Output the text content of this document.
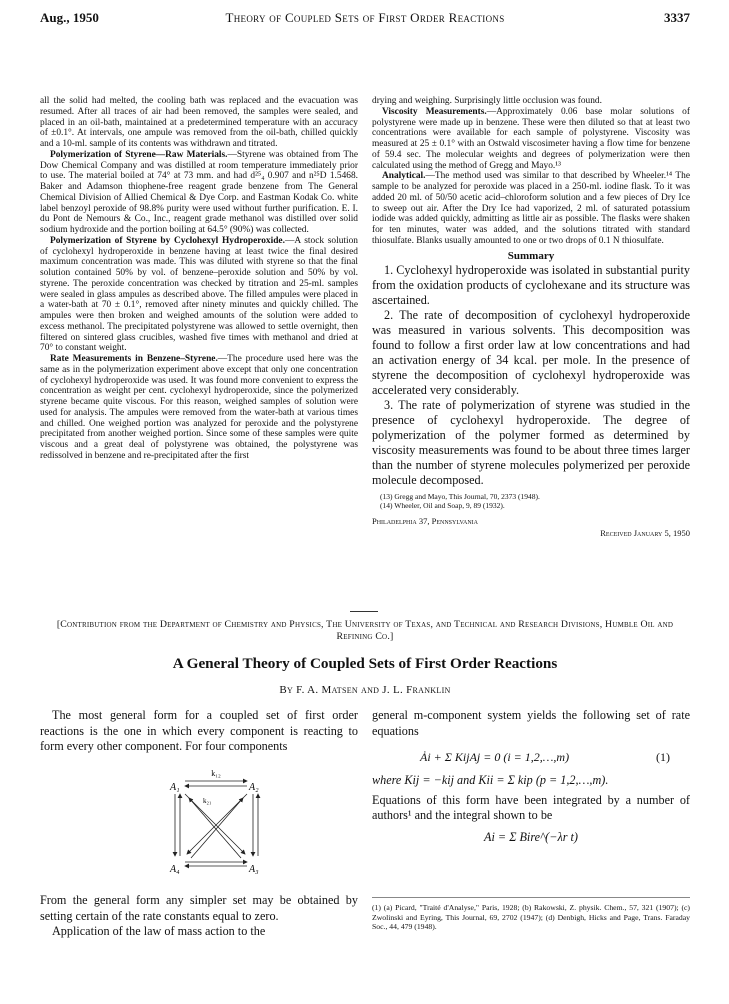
Aug., 1950	Theory of Coupled Sets of First Order Reactions	3337

all the solid had melted, the cooling bath was replaced and the evacuation was resumed. After all traces of air had been removed, the samples were sealed, and placed in an oil-bath, maintained at a predetermined temperature with an accuracy of ±0.1°. At intervals, one ampule was removed from the oil-bath, chilled quickly and a 10-ml. sample of its contents was withdrawn and titrated.

Polymerization of Styrene—Raw Materials.—Styrene was obtained from The Dow Chemical Company and was distilled at room temperature immediately prior to use. The material boiled at 74° at 73 mm. and had d²⁵₄ 0.907 and n²⁵D 1.5468. Baker and Adamson thiophene-free reagent grade benzene from The General Chemical Division of Allied Chemical & Dye Corp. and Eastman Kodak Co. white label benzoyl peroxide of 98.8% purity were used without further purification. E. I. du Pont de Nemours & Co., Inc., reagent grade methanol was distilled over solid sodium hydroxide and the portion boiling at 64.5° (90%) was collected.

Polymerization of Styrene by Cyclohexyl Hydroperoxide.—A stock solution of cyclohexyl hydroperoxide in benzene having at least twice the final desired maximum concentration was made. This was diluted with styrene so that the final solution contained 50% by vol. of benzene–peroxide solution and 50% by vol. styrene. The peroxide concentration was checked by titration and 25-ml. samples were sealed in glass ampules as described above. The filled ampules were placed in a water-bath at 70 ± 0.1°, removed after ninety minutes and quickly chilled. The ampules were then broken and weighed amounts of the solution were added to excess methanol. The precipitated polystyrene was allowed to settle overnight, then filtered on sintered glass crucibles, washed five times with methanol and dried at 70° to constant weight.

Rate Measurements in Benzene–Styrene.—The procedure used here was the same as in the polymerization experiment above except that only one concentration of cyclohexyl hydroperoxide was used. It was found more convenient to express the concentration as weight per cent. cyclohexyl hydroperoxide, since the polymerized styrene became quite viscous. For this reason, weighed samples of solution were used for analysis. The ampules were removed from the water-bath at various times and chilled. One weighed portion was analyzed for peroxide and the polystyrene precipitated from another weighed portion. Since some of these samples were quite viscous and a great deal of polystyrene was obtained, the polystyrene was redissolved in benzene and re-precipitated after the first

drying and weighing. Surprisingly little occlusion was found.

Viscosity Measurements.—Approximately 0.06 base molar solutions of polystyrene were made up in benzene. These were then diluted so that at least two concentrations were available for each sample of polystyrene. Viscosity was measured at 25 ± 0.1° with an Ostwald viscosimeter having a flow time for benzene of 59.4 sec. The molecular weights and degrees of polymerization were then calculated using the method of Gregg and Mayo.¹³

Analytical.—The method used was similar to that described by Wheeler.¹⁴ The sample to be analyzed for peroxide was placed in a 250-ml. iodine flask. To it was added 20 ml. of 50/50 acetic acid–chloroform solution and a few pieces of Dry Ice to sweep out air. After the Dry Ice had vaporized, 2 ml. of saturated potassium iodide was added quickly, admitting as little air as possible. The flasks were shaken for ten minutes, water was added, and the solutions titrated with standard thiosulfate. Blanks usually amounted to one or two drops of 0.1 N thiosulfate.

Summary

1. Cyclohexyl hydroperoxide was isolated in substantial purity from the oxidation products of cyclohexane and its structure was ascertained.

2. The rate of decomposition of cyclohexyl hydroperoxide was measured in various solvents. This decomposition was found to follow a first order law at low concentrations and had an activation energy of 34 kcal. per mole. In the presence of styrene the decomposition of cyclohexyl hydroperoxide was accelerated very considerably.

3. The rate of polymerization of styrene was studied in the presence of cyclohexyl hydroperoxide. The degree of polymerization of the polymer formed as determined by viscosity measurements was found to be about three times larger than the number of styrene molecules polymerized per peroxide molecule decomposed.

(13) Gregg and Mayo, This Journal, 70, 2373 (1948).
(14) Wheeler, Oil and Soap, 9, 89 (1932).
Philadelphia 37, Pennsylvania
Received January 5, 1950
[Contribution from the Department of Chemistry and Physics, The University of Texas, and Technical and Research Divisions, Humble Oil and Refining Co.]
A General Theory of Coupled Sets of First Order Reactions
By F. A. Matsen and J. L. Franklin

The most general form for a coupled set of first order reactions is the one in which every component is reacting to form every other component. For four components

k₁₂
A₁	A₂
A₄	A₃
k₂₁

From the general form any simpler set may be obtained by setting certain of the rate constants equal to zero.

Application of the law of mass action to the

general m-component system yields the following set of rate equations

Ȧi + Σ KijAj = 0 (i = 1,2,…,m)	(1)

where Kij = −kij and Kii = Σ kip (p = 1,2,…,m).

Equations of this form have been integrated by a number of authors¹ and the integral shown to be

Ai = Σ Bire^(−λr t)
(1) (a) Picard, "Traité d'Analyse," Paris, 1928; (b) Rakowski, Z. physik. Chem., 57, 321 (1907); (c) Zwolinski and Eyring, This Journal, 69, 2702 (1947); (d) Denbigh, Hicks and Page, Trans. Faraday Soc., 44, 479 (1948).
